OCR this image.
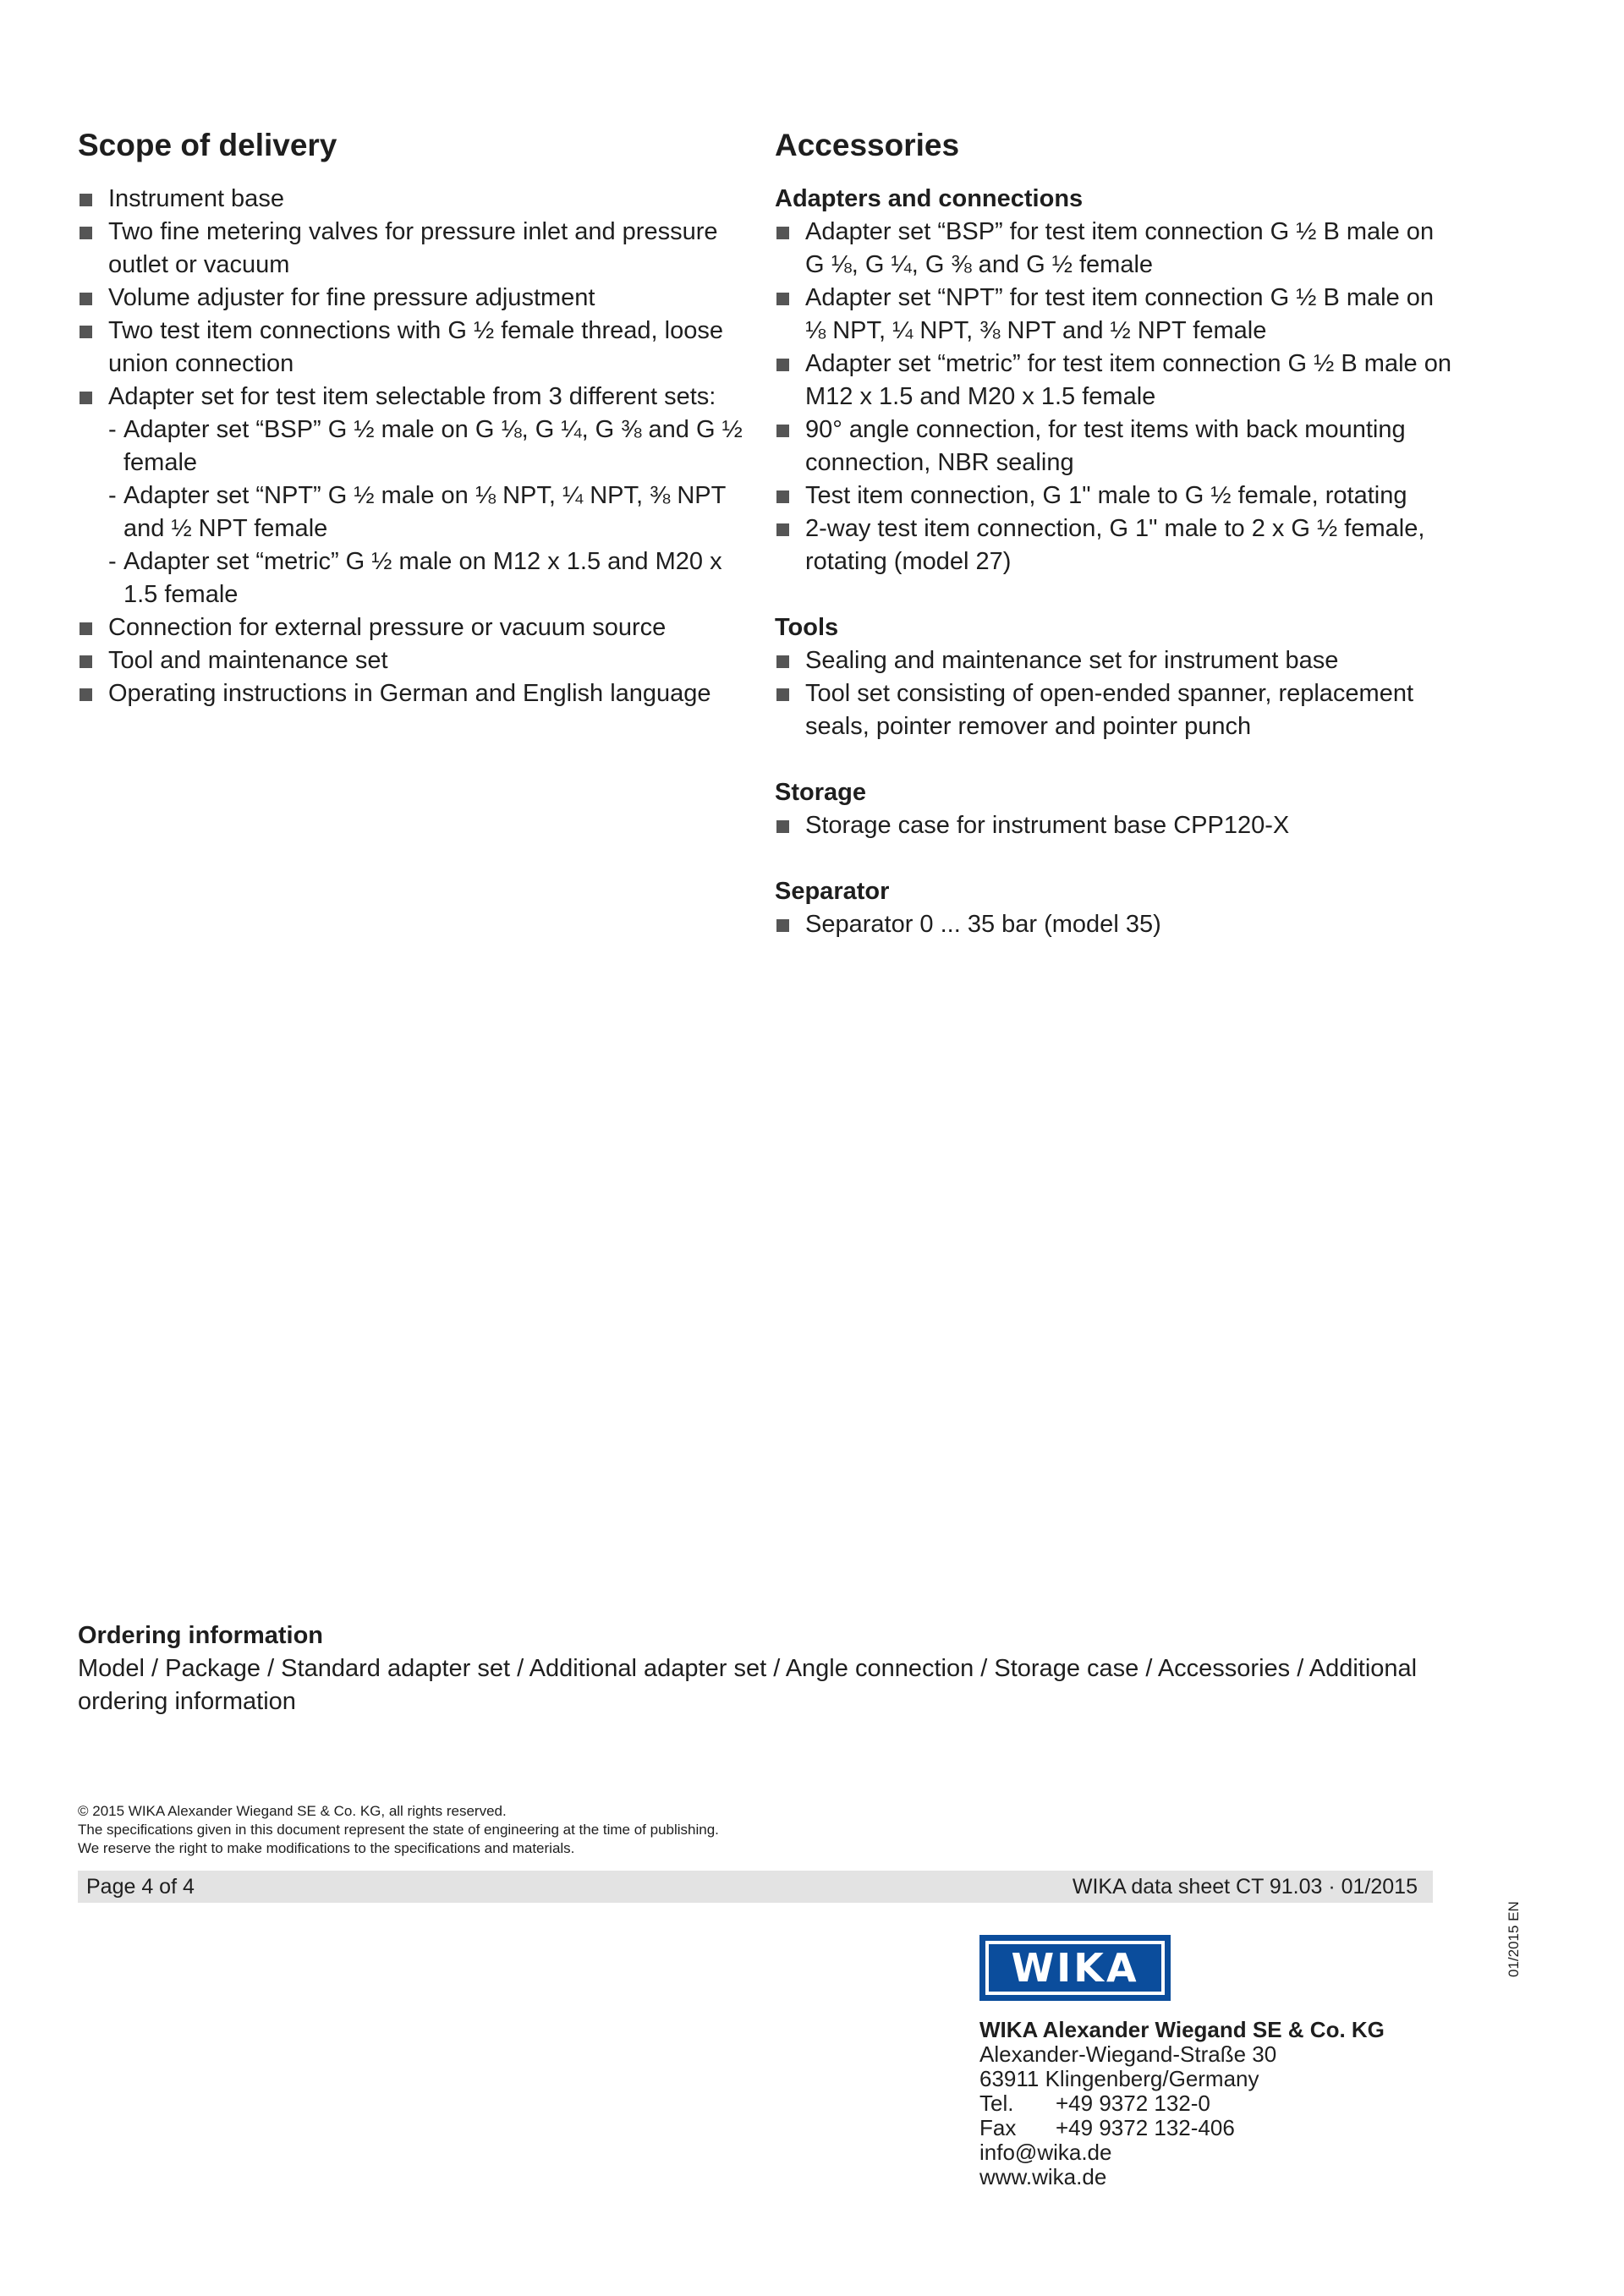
Scope of delivery
Instrument base
Two fine metering valves for pressure inlet and pressure outlet or vacuum
Volume adjuster for fine pressure adjustment
Two test item connections with G ½ female thread, loose union connection
Adapter set for test item selectable from 3 different sets:
- Adapter set “BSP” G ½ male on G ⅛, G ¼, G ⅜ and G ½ female
- Adapter set “NPT” G ½ male on ⅛ NPT, ¼ NPT, ⅜ NPT and ½ NPT female
- Adapter set “metric” G ½ male on M12 x 1.5 and M20 x 1.5 female
Connection for external pressure or vacuum source
Tool and maintenance set
Operating instructions in German and English language
Accessories
Adapters and connections
Adapter set “BSP” for test item connection G ½ B male on G ⅛, G ¼, G ⅜ and G ½ female
Adapter set “NPT” for test item connection G ½ B male on ⅛ NPT, ¼ NPT, ⅜ NPT and ½ NPT female
Adapter set “metric” for test item connection G ½ B male on M12 x 1.5 and M20 x 1.5 female
90° angle connection, for test items with back mounting connection, NBR sealing
Test item connection, G 1" male to G ½ female, rotating
2-way test item connection, G 1" male to 2 x G ½ female, rotating (model 27)
Tools
Sealing and maintenance set for instrument base
Tool set consisting of open-ended spanner, replacement seals, pointer remover and pointer punch
Storage
Storage case for instrument base CPP120-X
Separator
Separator 0 ... 35 bar (model 35)
Ordering information
Model / Package / Standard adapter set / Additional adapter set / Angle connection / Storage case / Accessories / Additional ordering information
© 2015 WIKA Alexander Wiegand SE & Co. KG, all rights reserved.
The specifications given in this document represent the state of engineering at the time of publishing.
We reserve the right to make modifications to the specifications and materials.
Page 4 of 4	WIKA data sheet CT 91.03 · 01/2015
WIKA
WIKA Alexander Wiegand SE & Co. KG
Alexander-Wiegand-Straße 30
63911 Klingenberg/Germany
Tel. +49 9372 132-0
Fax +49 9372 132-406
info@wika.de
www.wika.de
01/2015 EN
